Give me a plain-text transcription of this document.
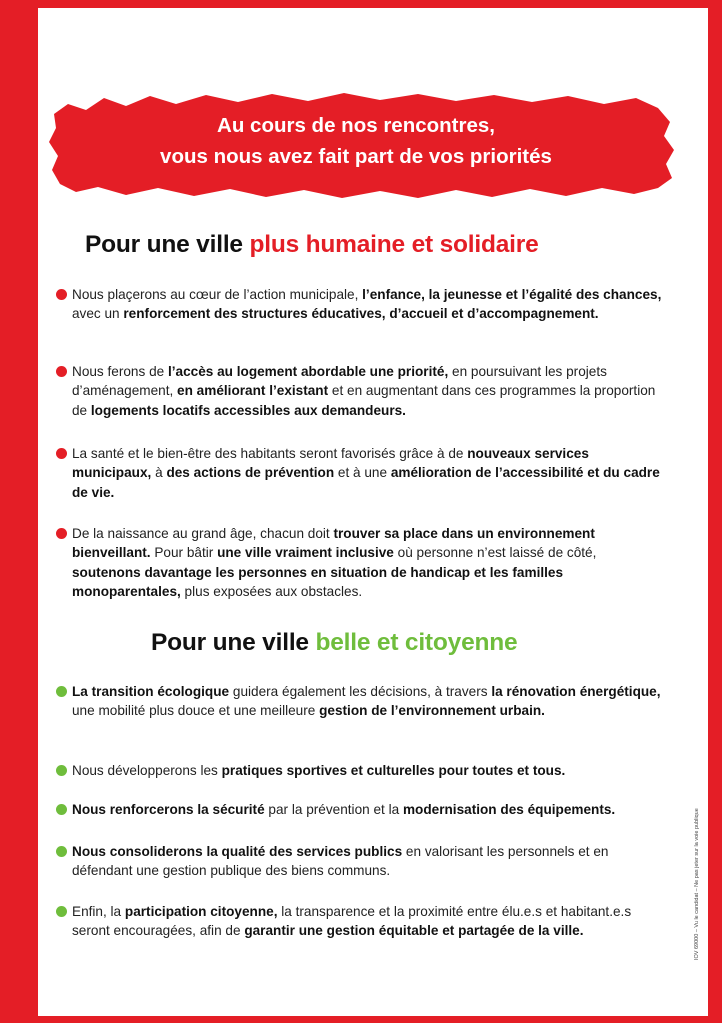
Au cours de nos rencontres,
vous nous avez fait part de vos priorités
Pour une ville plus humaine et solidaire
Nous plaçerons au cœur de l’action municipale, l’enfance, la jeunesse et l’égalité des chances, avec un renforcement des structures éducatives, d’accueil et d’accompagnement.
Nous ferons de l’accès au logement abordable une priorité, en poursuivant les projets d’aménagement, en améliorant l’existant et en augmentant dans ces programmes la proportion de logements locatifs accessibles aux demandeurs.
La santé et le bien-être des habitants seront favorisés grâce à de nouveaux services municipaux, à des actions de prévention et à une amélioration de l’accessibilité et du cadre de vie.
De la naissance au grand âge, chacun doit trouver sa place dans un environnement bienveillant. Pour bâtir une ville vraiment inclusive où personne n’est laissé de côté, soutenons davantage les personnes en situation de handicap et les familles monoparentales, plus exposées aux obstacles.
Pour une ville belle et citoyenne
La transition écologique guidera également les décisions, à travers la rénovation énergétique, une mobilité plus douce et une meilleure gestion de l’environnement urbain.
Nous développerons les pratiques sportives et culturelles pour toutes et tous.
Nous renforcerons la sécurité par la prévention et la modernisation des équipements.
Nous consoliderons la qualité des services publics en valorisant les personnels et en défendant une gestion publique des biens communs.
Enfin, la participation citoyenne, la transparence et la proximité entre élu.e.s et habitant.e.s seront encouragées, afin de garantir une gestion équitable et partagée de la ville.	IOV 69000 – Vu le candidat – Ne pas jeter sur la voie publique
